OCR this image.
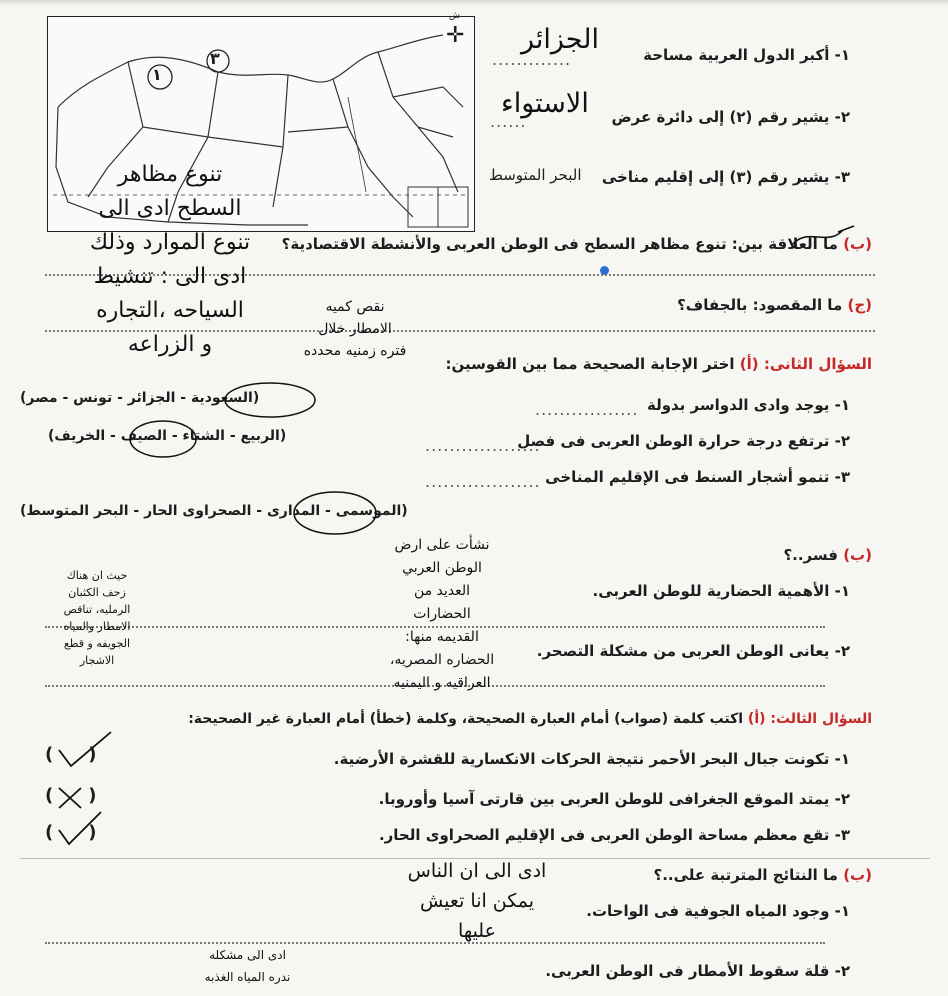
١
٣
✛
ش
١- أكبر الدول العربية مساحة
.............
الجزائر
٢- يشير رقم (٢) إلى دائرة عرض
......
الاستواء
٣- يشير رقم (٣) إلى إقليم مناخى
البحر المتوسط
(ب) ما العلاقة بين: تنوع مظاهر السطح فى الوطن العربى والأنشطة الاقتصادية؟
تنوع مظاهر
السطح ادى الى
تنوع الموارد وذلك
ادى الى : تنشيط
السياحه ،التجاره
و الزراعه
(ج) ما المقصود: بالجفاف؟
نقص كميه
الامطار خلال
فتره زمنيه محدده
السؤال الثانى: (أ) اختر الإجابة الصحيحة مما بين القوسين:
١- يوجد وادى الدواسر بدولة
.................
(السعودية - الجزائر - تونس - مصر)
٢- ترتفع درجة حرارة الوطن العربى فى فصل
...................
(الربيع - الشتاء - الصيف - الخريف)
٣- تنمو أشجار السنط فى الإقليم المناخى
...................
(الموسمى - المدارى - الصحراوى الحار - البحر المتوسط)
(ب) فسر..؟
١- الأهمية الحضارية للوطن العربى.
٢- يعانى الوطن العربى من مشكلة التصحر.
نشأت على ارض
الوطن العربي
العديد من
الحضارات
القديمه منها:
الحضاره المصريه،
العراقيه و اليمنيه
حيث ان هناك
زحف الكثبان
الرمليه، تناقص
الامطار والمياه
الجويفه و قطع
الاشجار
السؤال الثالث: (أ) اكتب كلمة (صواب) أمام العبارة الصحيحة، وكلمة (خطأ) أمام العبارة غير الصحيحة:
١- تكونت جبال البحر الأحمر نتيجة الحركات الانكسارية للقشرة الأرضية.
(    )
٢- يمتد الموقع الجغرافى للوطن العربى بين قارتى آسيا وأوروبا.
(    )
٣- تقع معظم مساحة الوطن العربى فى الإقليم الصحراوى الحار.
(    )
(ب) ما النتائج المترتبة على..؟
١- وجود المياه الجوفية فى الواحات.
ادى الى ان الناس
يمكن انا تعيش
عليها
٢- قلة سقوط الأمطار فى الوطن العربى.
ادى الى مشكله
ندره المياه الغذبه
